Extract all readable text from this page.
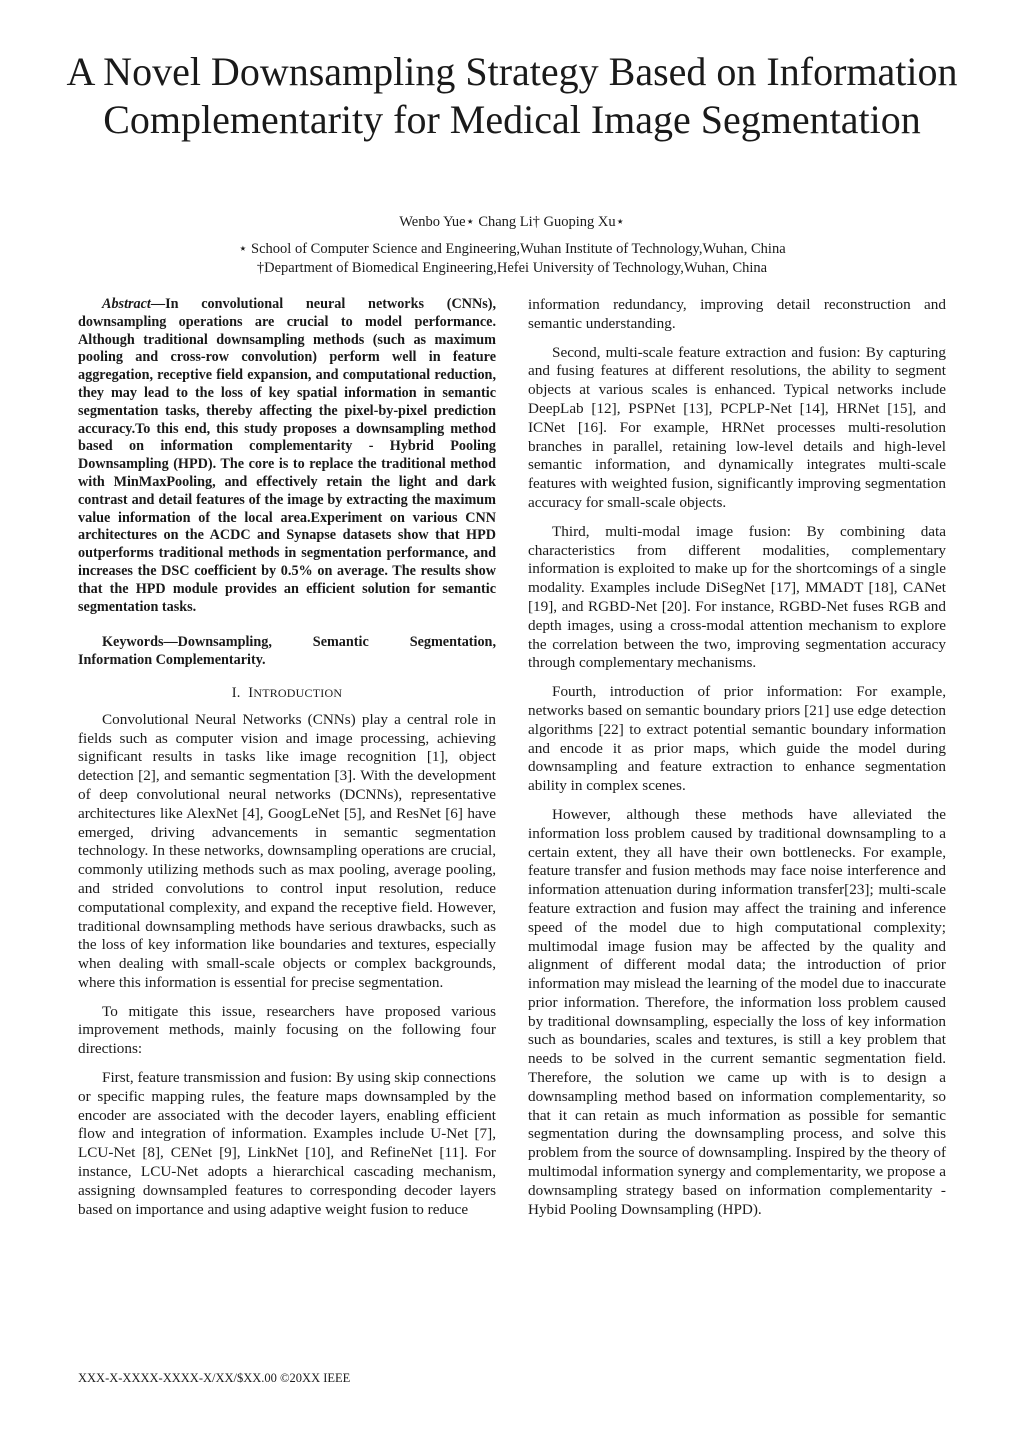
A Novel Downsampling Strategy Based on Information Complementarity for Medical Image Segmentation
Wenbo Yue⋆ Chang Li† Guoping Xu⋆
⋆ School of Computer Science and Engineering,Wuhan Institute of Technology,Wuhan, China
†Department of Biomedical Engineering,Hefei University of Technology,Wuhan, China

Abstract—In convolutional neural networks (CNNs), downsampling operations are crucial to model performance. Although traditional downsampling methods (such as maximum pooling and cross-row convolution) perform well in feature aggregation, receptive field expansion, and computational reduction, they may lead to the loss of key spatial information in semantic segmentation tasks, thereby affecting the pixel-by-pixel prediction accuracy.To this end, this study proposes a downsampling method based on information complementarity - Hybrid Pooling Downsampling (HPD). The core is to replace the traditional method with MinMaxPooling, and effectively retain the light and dark contrast and detail features of the image by extracting the maximum value information of the local area.Experiment on various CNN architectures on the ACDC and Synapse datasets show that HPD outperforms traditional methods in segmentation performance, and increases the DSC coefficient by 0.5% on average. The results show that the HPD module provides an efficient solution for semantic segmentation tasks.

Keywords—Downsampling, Semantic Segmentation, Information Complementarity.

I. INTRODUCTION

Convolutional Neural Networks (CNNs) play a central role in fields such as computer vision and image processing, achieving significant results in tasks like image recognition [1], object detection [2], and semantic segmentation [3]. With the development of deep convolutional neural networks (DCNNs), representative architectures like AlexNet [4], GoogLeNet [5], and ResNet [6] have emerged, driving advancements in semantic segmentation technology. In these networks, downsampling operations are crucial, commonly utilizing methods such as max pooling, average pooling, and strided convolutions to control input resolution, reduce computational complexity, and expand the receptive field. However, traditional downsampling methods have serious drawbacks, such as the loss of key information like boundaries and textures, especially when dealing with small-scale objects or complex backgrounds, where this information is essential for precise segmentation.

To mitigate this issue, researchers have proposed various improvement methods, mainly focusing on the following four directions:

First, feature transmission and fusion: By using skip connections or specific mapping rules, the feature maps downsampled by the encoder are associated with the decoder layers, enabling efficient flow and integration of information. Examples include U-Net [7], LCU-Net [8], CENet [9], LinkNet [10], and RefineNet [11]. For instance, LCU-Net adopts a hierarchical cascading mechanism, assigning downsampled features to corresponding decoder layers based on importance and using adaptive weight fusion to reduce

information redundancy, improving detail reconstruction and semantic understanding.

Second, multi-scale feature extraction and fusion: By capturing and fusing features at different resolutions, the ability to segment objects at various scales is enhanced. Typical networks include DeepLab [12], PSPNet [13], PCPLP-Net [14], HRNet [15], and ICNet [16]. For example, HRNet processes multi-resolution branches in parallel, retaining low-level details and high-level semantic information, and dynamically integrates multi-scale features with weighted fusion, significantly improving segmentation accuracy for small-scale objects.

Third, multi-modal image fusion: By combining data characteristics from different modalities, complementary information is exploited to make up for the shortcomings of a single modality. Examples include DiSegNet [17], MMADT [18], CANet [19], and RGBD-Net [20]. For instance, RGBD-Net fuses RGB and depth images, using a cross-modal attention mechanism to explore the correlation between the two, improving segmentation accuracy through complementary mechanisms.

Fourth, introduction of prior information: For example, networks based on semantic boundary priors [21] use edge detection algorithms [22] to extract potential semantic boundary information and encode it as prior maps, which guide the model during downsampling and feature extraction to enhance segmentation ability in complex scenes.

However, although these methods have alleviated the information loss problem caused by traditional downsampling to a certain extent, they all have their own bottlenecks. For example, feature transfer and fusion methods may face noise interference and information attenuation during information transfer[23]; multi-scale feature extraction and fusion may affect the training and inference speed of the model due to high computational complexity; multimodal image fusion may be affected by the quality and alignment of different modal data; the introduction of prior information may mislead the learning of the model due to inaccurate prior information. Therefore, the information loss problem caused by traditional downsampling, especially the loss of key information such as boundaries, scales and textures, is still a key problem that needs to be solved in the current semantic segmentation field. Therefore, the solution we came up with is to design a downsampling method based on information complementarity, so that it can retain as much information as possible for semantic segmentation during the downsampling process, and solve this problem from the source of downsampling. Inspired by the theory of multimodal information synergy and complementarity, we propose a downsampling strategy based on information complementarity - Hybid Pooling Downsampling (HPD).

XXX-X-XXXX-XXXX-X/XX/$XX.00 ©20XX IEEE
